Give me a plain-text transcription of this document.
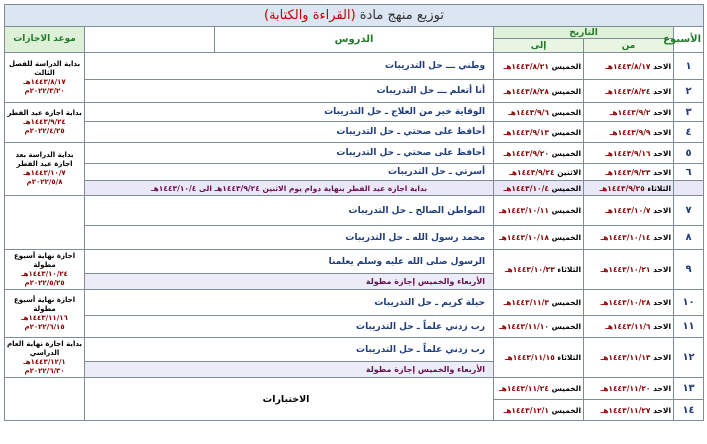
توزيع منهج مادة (القراءة والكتابة)					
الأسبوع	التاريخ		الدروس		موعد الاجازات
	من	إلى			
١	الاحد ١٤٤٣/٨/١٧هـ	الخميس ١٤٤٣/٨/٢١هـ	وطني ـــ حل التدريبات		بداية الدراسة للفصل الثالث
١٤٤٣/٨/١٧هـ
٢٠٢٢/٣/٢٠م

٢	الاحد ١٤٤٣/٨/٢٤هـ	الخميس ١٤٤٣/٨/٢٨هـ	أنا أتعلم ـــ حل التدريبات		
٣	الاحد ١٤٤٣/٩/٢هـ	الخميس ١٤٤٣/٩/٦هـ	الوقاية خير من العلاج ـ حل التدريبات		بداية اجازة عيد الفطر
١٤٤٣/٩/٢٤هـ
٢٠٢٢/٤/٢٥م

٤	الاحد ١٤٤٣/٩/٩هـ	الخميس ١٤٤٣/٩/١٣هـ	أحافظ على صحتي ـ حل التدريبات		
٥	الاحد ١٤٤٣/٩/١٦هـ	الخميس ١٤٤٣/٩/٢٠هـ	أحافظ على صحتي ـ حل التدريبات		بداية الدراسة بعد اجازة عيد الفطر
١٤٤٣/١٠/٧هـ
٢٠٢٢/٥/٨م

٦	الاحد ١٤٤٣/٩/٢٣هـ	الاثنين ١٤٤٣/٩/٢٤هـ	أسرتي ـ حل التدريبات		
	الثلاثاء ١٤٤٣/٩/٢٥هـ	الخميس ١٤٤٣/١٠/٤هـ	بداية اجازة عيد الفطر بنهاية دوام يوم الاثنين ١٤٤٣/٩/٢٤هـ الى ١٤٤٣/١٠/٤هـ		
٧	الاحد ١٤٤٣/١٠/٧هـ	الخميس ١٤٤٣/١٠/١١هـ	المواطن الصالح ـ حل التدريبات		
٨	الاحد ١٤٤٣/١٠/١٤هـ	الخميس ١٤٤٣/١٠/١٨هـ	محمد رسول الله ـ حل التدريبات		
٩	الاحد ١٤٤٣/١٠/٢١هـ	الثلاثاء ١٤٤٣/١٠/٢٣هـ	الرسول صلى الله عليه وسلم يعلمنا		اجازة نهاية أسبوع مطولة
١٤٤٣/١٠/٢٤هـ
٢٠٢٢/٥/٢٥م

			الأربعاء والخميس إجازة مطولة		
١٠	الاحد ١٤٤٣/١٠/٢٨هـ	الخميس ١٤٤٣/١١/٣هـ	حيلة كريم ـ حل التدريبات		اجازة نهاية أسبوع مطولة
١٤٤٣/١١/١٦هـ
٢٠٢٢/٦/١٥م

١١	الاحد ١٤٤٣/١١/٦هـ	الخميس ١٤٤٣/١١/١٠هـ	رب زدني علماً ـ حل التدريبات		
١٢	الاحد ١٤٤٣/١١/١٣هـ	الثلاثاء ١٤٤٣/١١/١٥هـ	رب زدني علماً ـ حل التدريبات		بداية اجازة نهاية العام الدراسي
١٤٤٣/١٢/١هـ
٢٠٢٢/٦/٣٠م

			الأربعاء والخميس إجازة مطولة		
١٣	الاحد ١٤٤٣/١١/٢٠هـ	الخميس ١٤٤٣/١١/٢٤هـ	الاختبارات		
١٤	الاحد ١٤٤٣/١١/٢٧هـ	الخميس ١٤٤٣/١٢/١هـ			
